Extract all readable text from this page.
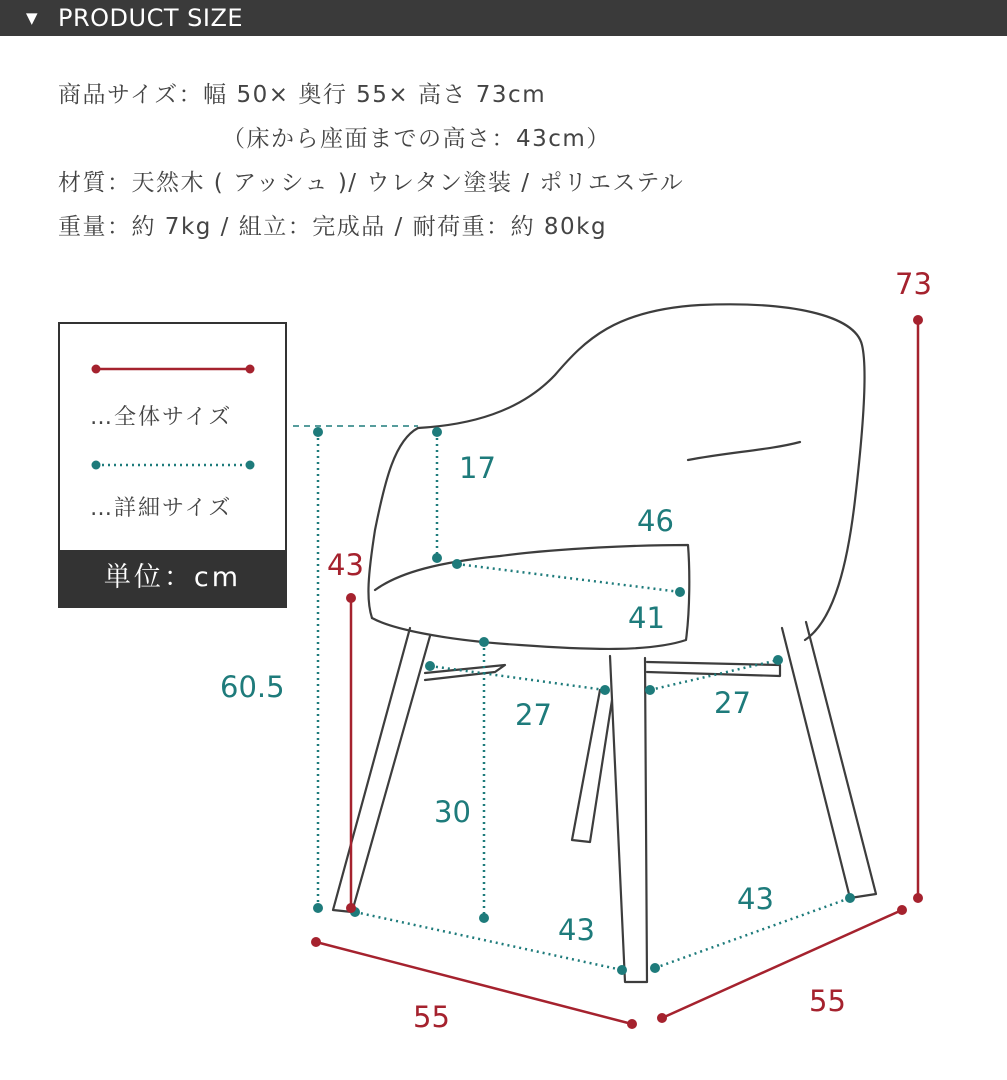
▼ PRODUCT SIZE
商品サイズ：幅 50× 奥行 55× 高さ 73cm
（床から座面までの高さ：43cm）
材質：天然木 ( アッシュ )/ ウレタン塗装 / ポリエステル
重量：約 7kg / 組立：完成品 / 耐荷重：約 80kg
…全体サイズ
…詳細サイズ
単位：cm
73
43
60.5
17
46
41
27	27
30
43
43
55	55
